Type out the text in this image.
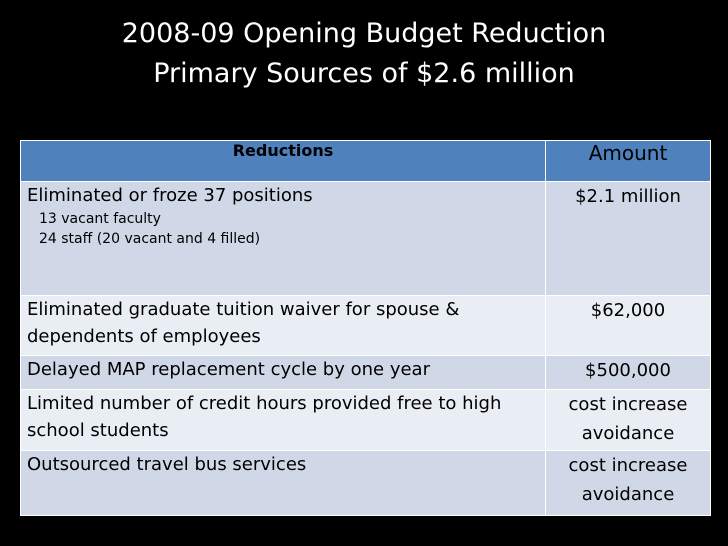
2008-09 Opening Budget Reduction
Primary Sources of $2.6 million
Reductions	Amount

Eliminated or froze 37 positions
13 vacant faculty
24 staff (20 vacant and 4 filled)	$2.1 million
Eliminated graduate tuition waiver for spouse & dependents of employees	$62,000
Delayed MAP replacement cycle by one year	$500,000
Limited number of credit hours provided free to high school students	cost increase avoidance
Outsourced travel bus services	cost increase avoidance
